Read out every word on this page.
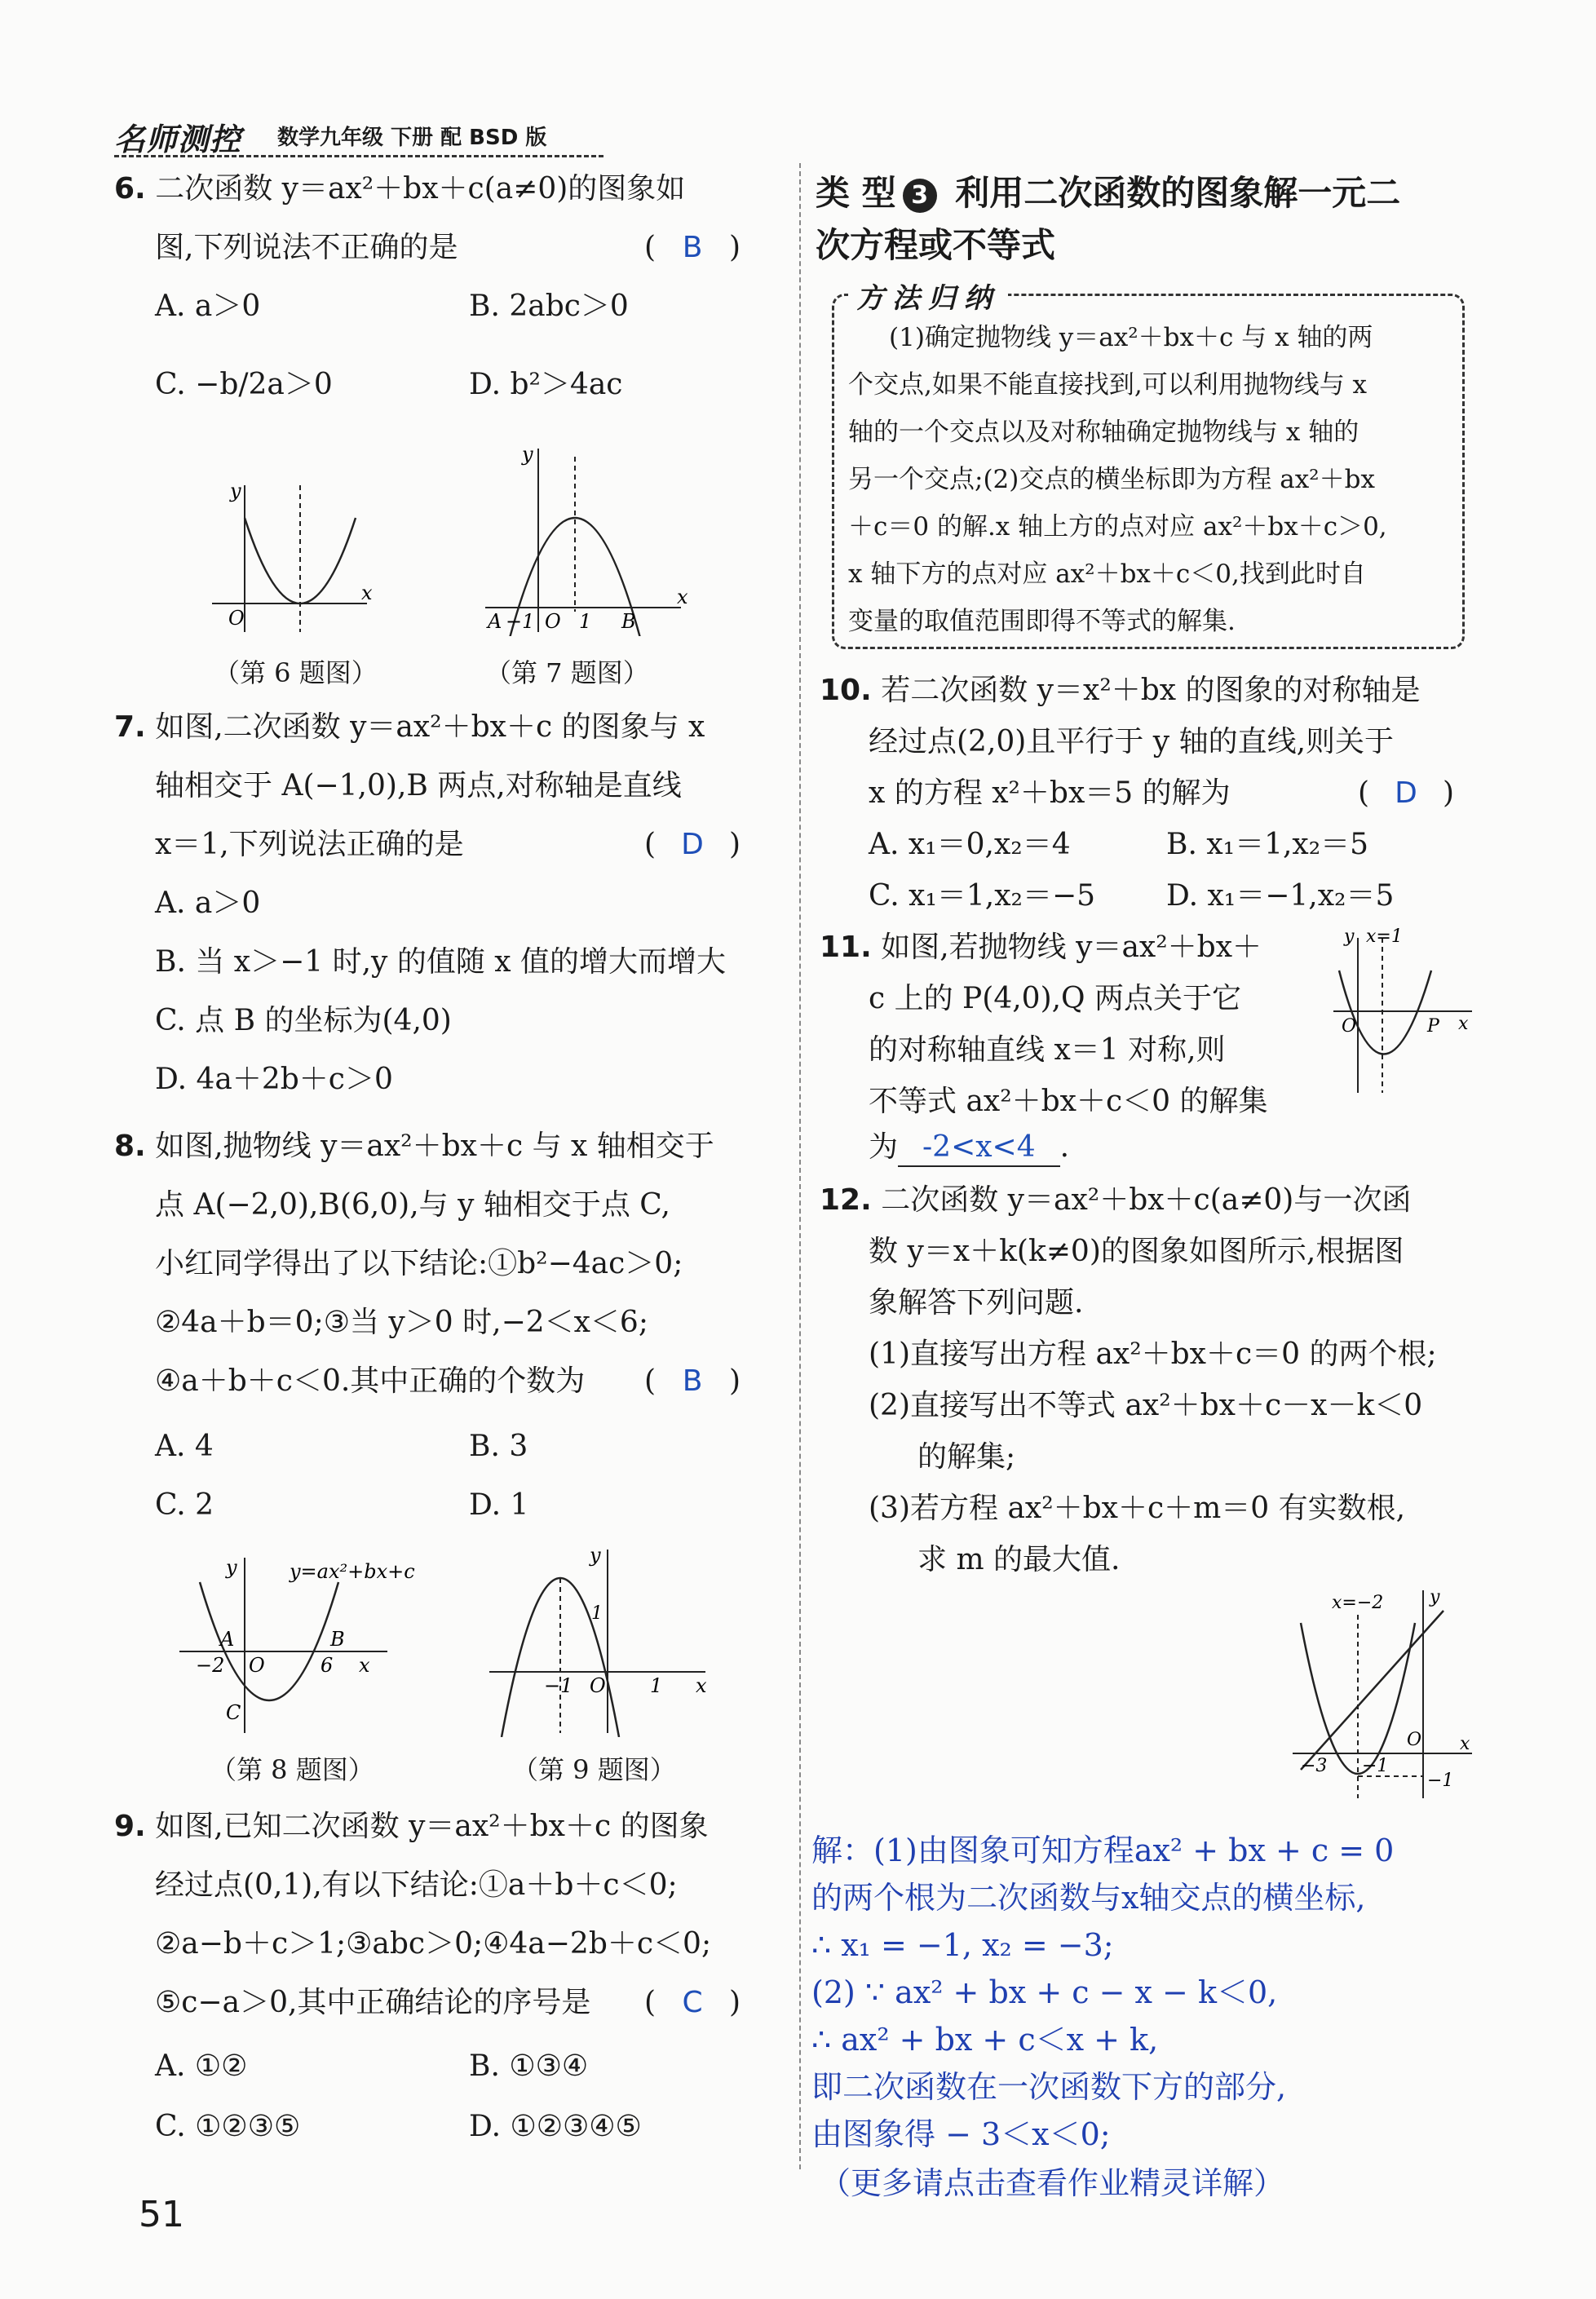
名师测控 数学九年级 下册 配 BSD 版
6. 二次函数 y＝ax²＋bx＋c(a≠0)的图象如
图,下列说法不正确的是	( B )
A. a＞0	B. 2abc＞0
C. −b/2a＞0	D. b²＞4ac
x
y
O
（第 6 题图）
x
y
A −1 O 1 B
（第 7 题图）
7. 如图,二次函数 y＝ax²＋bx＋c 的图象与 x
轴相交于 A(−1,0),B 两点,对称轴是直线
x＝1,下列说法正确的是	( D )
A. a＞0
B. 当 x＞−1 时,y 的值随 x 值的增大而增大
C. 点 B 的坐标为(4,0)
D. 4a＋2b＋c＞0
8. 如图,抛物线 y＝ax²＋bx＋c 与 x 轴相交于
点 A(−2,0),B(6,0),与 y 轴相交于点 C,
小红同学得出了以下结论:①b²−4ac＞0;
②4a＋b＝0;③当 y＞0 时,−2＜x＜6;
④a＋b＋c＜0.其中正确的个数为 ( B )
A. 4	B. 3
C. 2	D. 1
y=ax²+bx+c
y
x
A	B
C
O
−2	6
（第 8 题图）
y
x
1
−1 O 1
（第 9 题图）
9. 如图,已知二次函数 y＝ax²＋bx＋c 的图象
经过点(0,1),有以下结论:①a＋b＋c＜0;
②a−b＋c＞1;③abc＞0;④4a−2b＋c＜0;
⑤c−a＞0,其中正确结论的序号是 ( C )
A. ①②	B. ①③④
C. ①②③⑤	D. ①②③④⑤
51
类 型 3 利用二次函数的图象解一元二
次方程或不等式
方法归纳
(1)确定抛物线 y＝ax²＋bx＋c 与 x 轴的两
个交点,如果不能直接找到,可以利用抛物线与 x
轴的一个交点以及对称轴确定抛物线与 x 轴的
另一个交点;(2)交点的横坐标即为方程 ax²＋bx
＋c＝0 的解.x 轴上方的点对应 ax²＋bx＋c＞0,
x 轴下方的点对应 ax²＋bx＋c＜0,找到此时自
变量的取值范围即得不等式的解集.
10. 若二次函数 y＝x²＋bx 的图象的对称轴是
经过点(2,0)且平行于 y 轴的直线,则关于
x 的方程 x²＋bx＝5 的解为	( D )
A. x₁＝0,x₂＝4	B. x₁＝1,x₂＝5
C. x₁＝1,x₂＝−5 D. x₁＝−1,x₂＝5
11. 如图,若抛物线 y＝ax²＋bx＋
c 上的 P(4,0),Q 两点关于它
的对称轴直线 x＝1 对称,则
不等式 ax²＋bx＋c＜0 的解集
为 -2<x<4 .
y x=1
O	P x
12. 二次函数 y＝ax²＋bx＋c(a≠0)与一次函
数 y＝x＋k(k≠0)的图象如图所示,根据图
象解答下列问题.
(1)直接写出方程 ax²＋bx＋c＝0 的两个根;
(2)直接写出不等式 ax²＋bx＋c－x－k＜0
的解集;
(3)若方程 ax²＋bx＋c＋m＝0 有实数根,
求 m 的最大值.
x=−2	y
O x
−3 −1
−1
解：(1)由图象可知方程ax² + bx + c = 0
的两个根为二次函数与x轴交点的横坐标,
∴ x₁ = −1, x₂ = −3;
(2) ∵ ax² + bx + c − x − k＜0,
∴ ax² + bx + c＜x + k,
即二次函数在一次函数下方的部分,
由图象得 − 3＜x＜0;
（更多请点击查看作业精灵详解）
